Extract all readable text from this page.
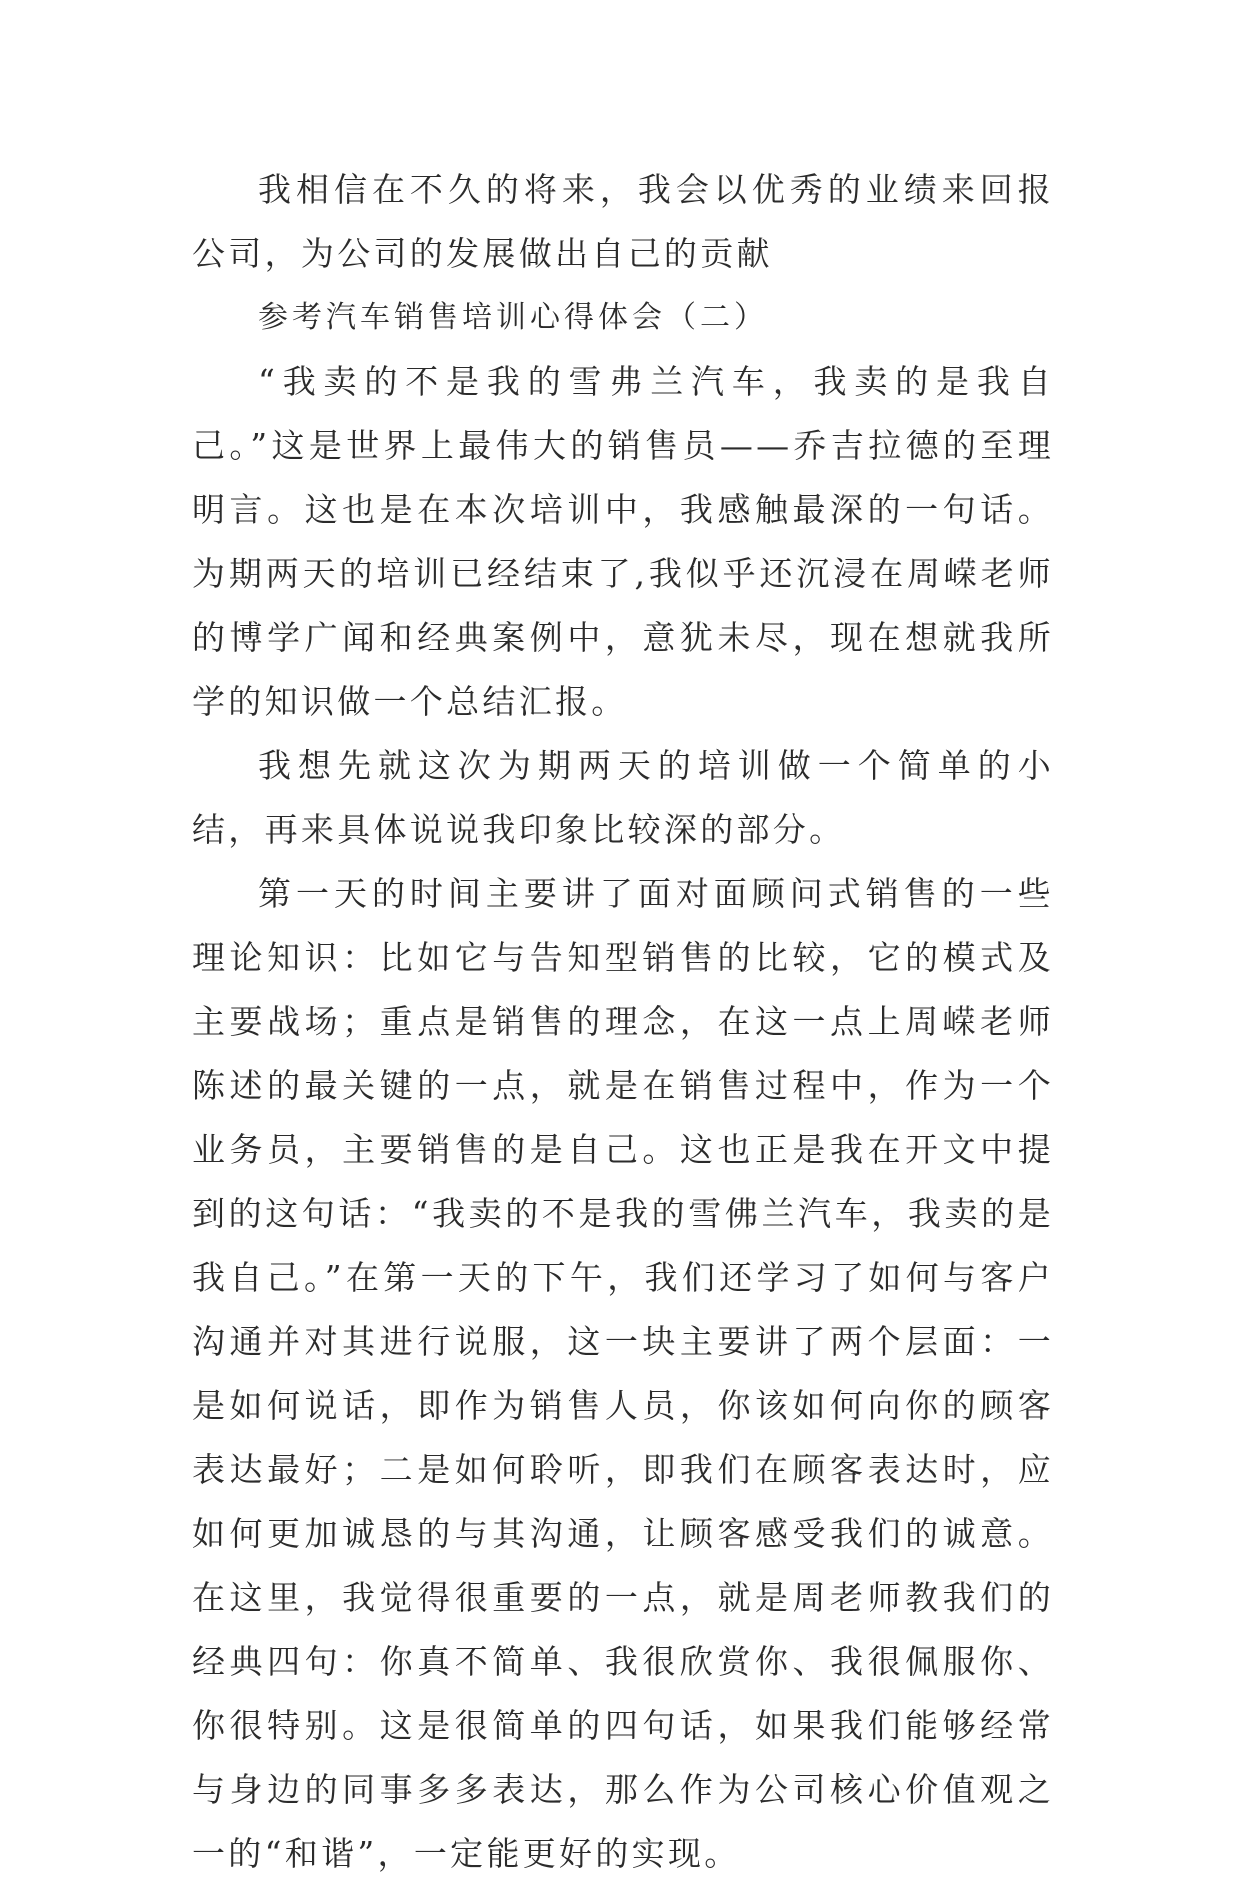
我相信在不久的将来，我会以优秀的业绩来回报公司，为公司的发展做出自己的贡献

参考汽车销售培训心得体会（二）

“我卖的不是我的雪弗兰汽车，我卖的是我自己。”这是世界上最伟大的销售员——乔吉拉德的至理明言。这也是在本次培训中，我感触最深的一句话。为期两天的培训已经结束了,我似乎还沉浸在周嵘老师的博学广闻和经典案例中，意犹未尽，现在想就我所学的知识做一个总结汇报。

我想先就这次为期两天的培训做一个简单的小结，再来具体说说我印象比较深的部分。

第一天的时间主要讲了面对面顾问式销售的一些理论知识：比如它与告知型销售的比较，它的模式及主要战场；重点是销售的理念，在这一点上周嵘老师陈述的最关键的一点，就是在销售过程中，作为一个业务员，主要销售的是自己。这也正是我在开文中提到的这句话：“我卖的不是我的雪佛兰汽车，我卖的是我自己。”在第一天的下午，我们还学习了如何与客户沟通并对其进行说服，这一块主要讲了两个层面：一是如何说话，即作为销售人员，你该如何向你的顾客表达最好；二是如何聆听，即我们在顾客表达时，应如何更加诚恳的与其沟通，让顾客感受我们的诚意。在这里，我觉得很重要的一点，就是周老师教我们的经典四句：你真不简单、我很欣赏你、我很佩服你、你很特别。这是很简单的四句话，如果我们能够经常与身边的同事多多表达，那么作为公司核心价值观之一的“和谐”，一定能更好的实现。
